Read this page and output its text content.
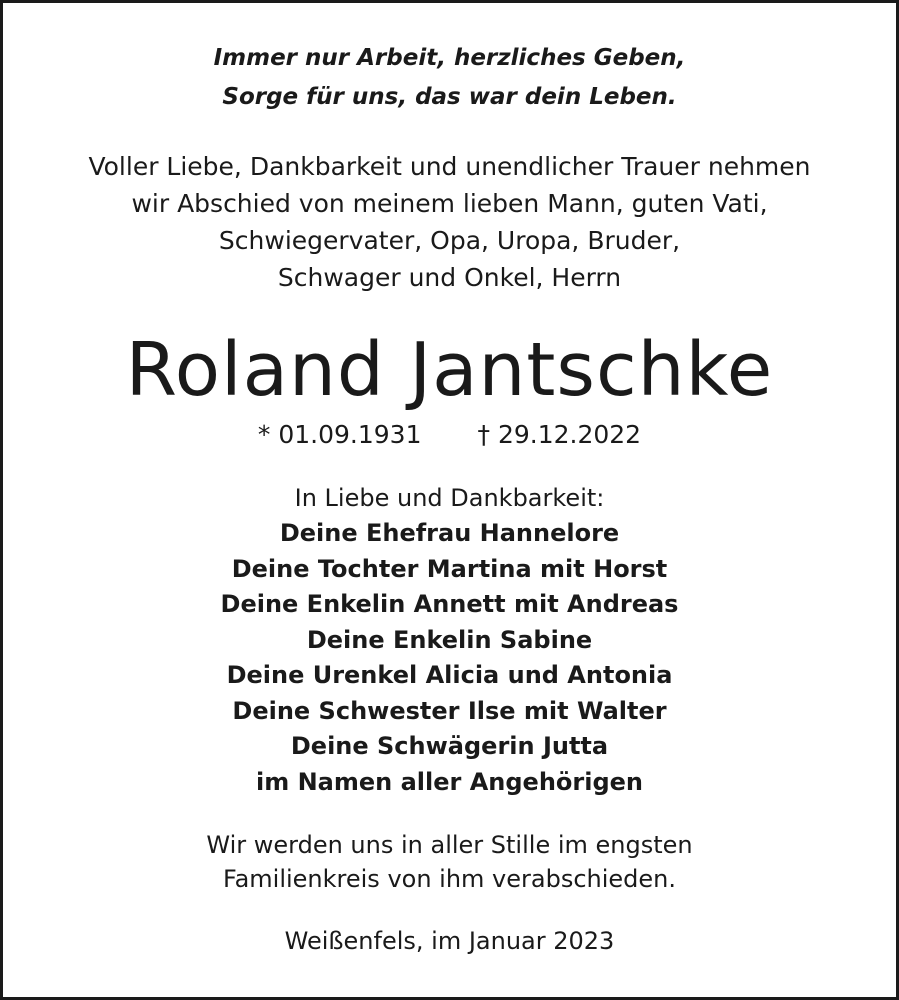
Immer nur Arbeit, herzliches Geben,

Sorge für uns, das war dein Leben.

Voller Liebe, Dankbarkeit und unendlicher Trauer nehmen

wir Abschied von meinem lieben Mann, guten Vati,

Schwiegervater, Opa, Uropa, Bruder,

Schwager und Onkel, Herrn

Roland Jantschke
* 01.09.1931 † 29.12.2022

In Liebe und Dankbarkeit:

Deine Ehefrau Hannelore

Deine Tochter Martina mit Horst

Deine Enkelin Annett mit Andreas

Deine Enkelin Sabine

Deine Urenkel Alicia und Antonia

Deine Schwester Ilse mit Walter

Deine Schwägerin Jutta

im Namen aller Angehörigen

Wir werden uns in aller Stille im engsten

Familienkreis von ihm verabschieden.

Weißenfels, im Januar 2023
